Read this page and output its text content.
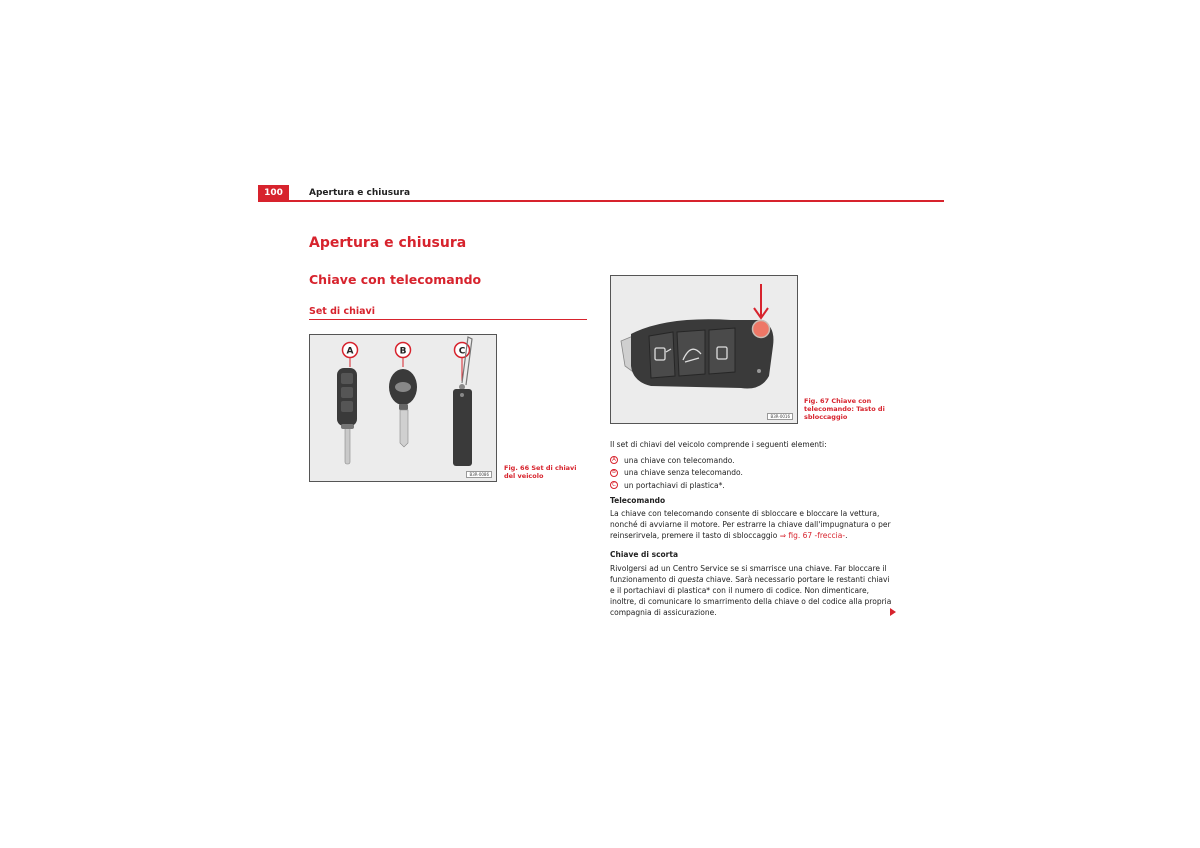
100	Apertura e chiusura
Apertura e chiusura
Chiave con telecomando
Set di chiavi
A	B	C
B3R-0086
Fig. 66 Set di chiavi del veicolo
B3R-0016
Fig. 67 Chiave con telecomando: Tasto di sbloccaggio
Il set di chiavi del veicolo comprende i seguenti elementi:
A una chiave con telecomando.
B una chiave senza telecomando.
C un portachiavi di plastica*.
Telecomando
La chiave con telecomando consente di sbloccare e bloccare la vettura, nonché di avviarne il motore. Per estrarre la chiave dall'impugnatura o per reinserirvela, premere il tasto di sbloccaggio ⇒ fig. 67 -freccia-.
Chiave di scorta
Rivolgersi ad un Centro Service se si smarrisce una chiave. Far bloccare il funzionamento di questa chiave. Sarà necessario portare le restanti chiavi e il portachiavi di plastica* con il numero di codice. Non dimenticare, inoltre, di comunicare lo smarrimento della chiave o del codice alla propria compagnia di assicurazione.
